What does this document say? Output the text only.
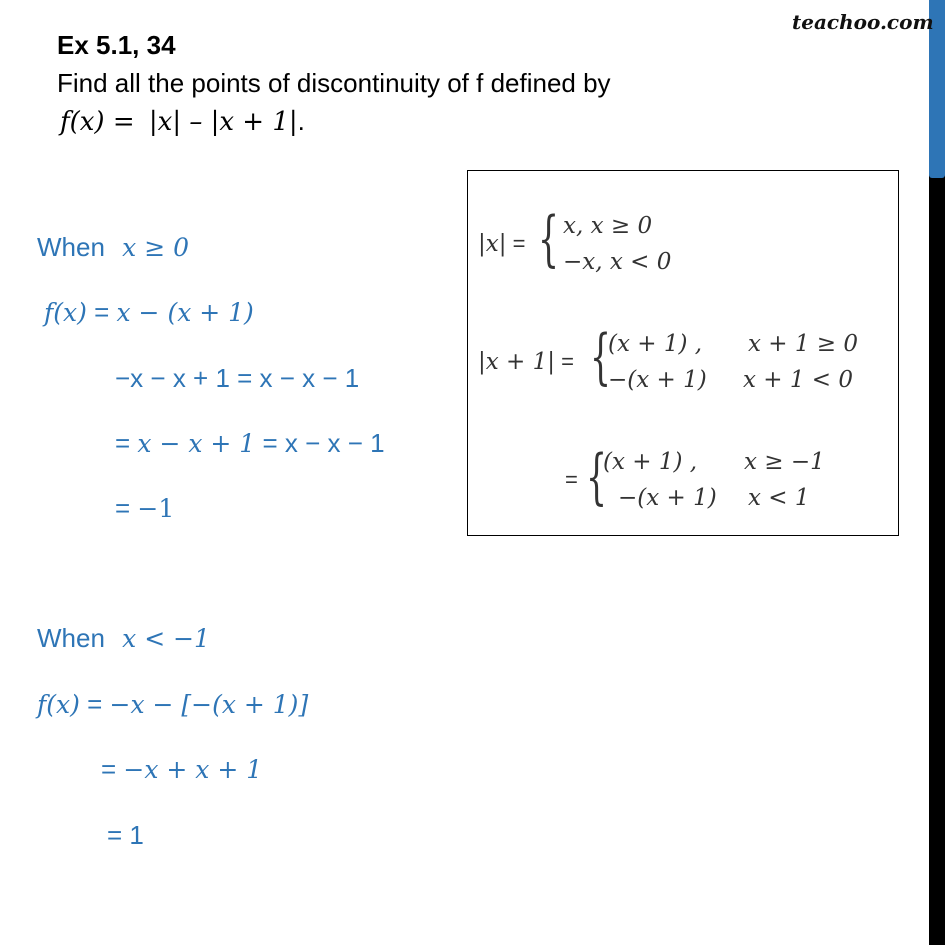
teachoo.com
Ex 5.1, 34
Find all the points of discontinuity of f defined by
f(x) = |x| – |x + 1|.
When x ≥ 0
f(x) = x − (x + 1)
−x − x + 1 = x − x − 1
= x − x + 1 = x − x − 1
= −1
When x < −1
f(x) = −x − [−(x + 1)]
= −x + x + 1
= 1
|x| = { x, x ≥ 0
−x, x < 0
|x + 1| = {
(x + 1) , x + 1 ≥ 0
−(x + 1) x + 1 < 0
= {
(x + 1) , x ≥ −1
−(x + 1) x < 1
